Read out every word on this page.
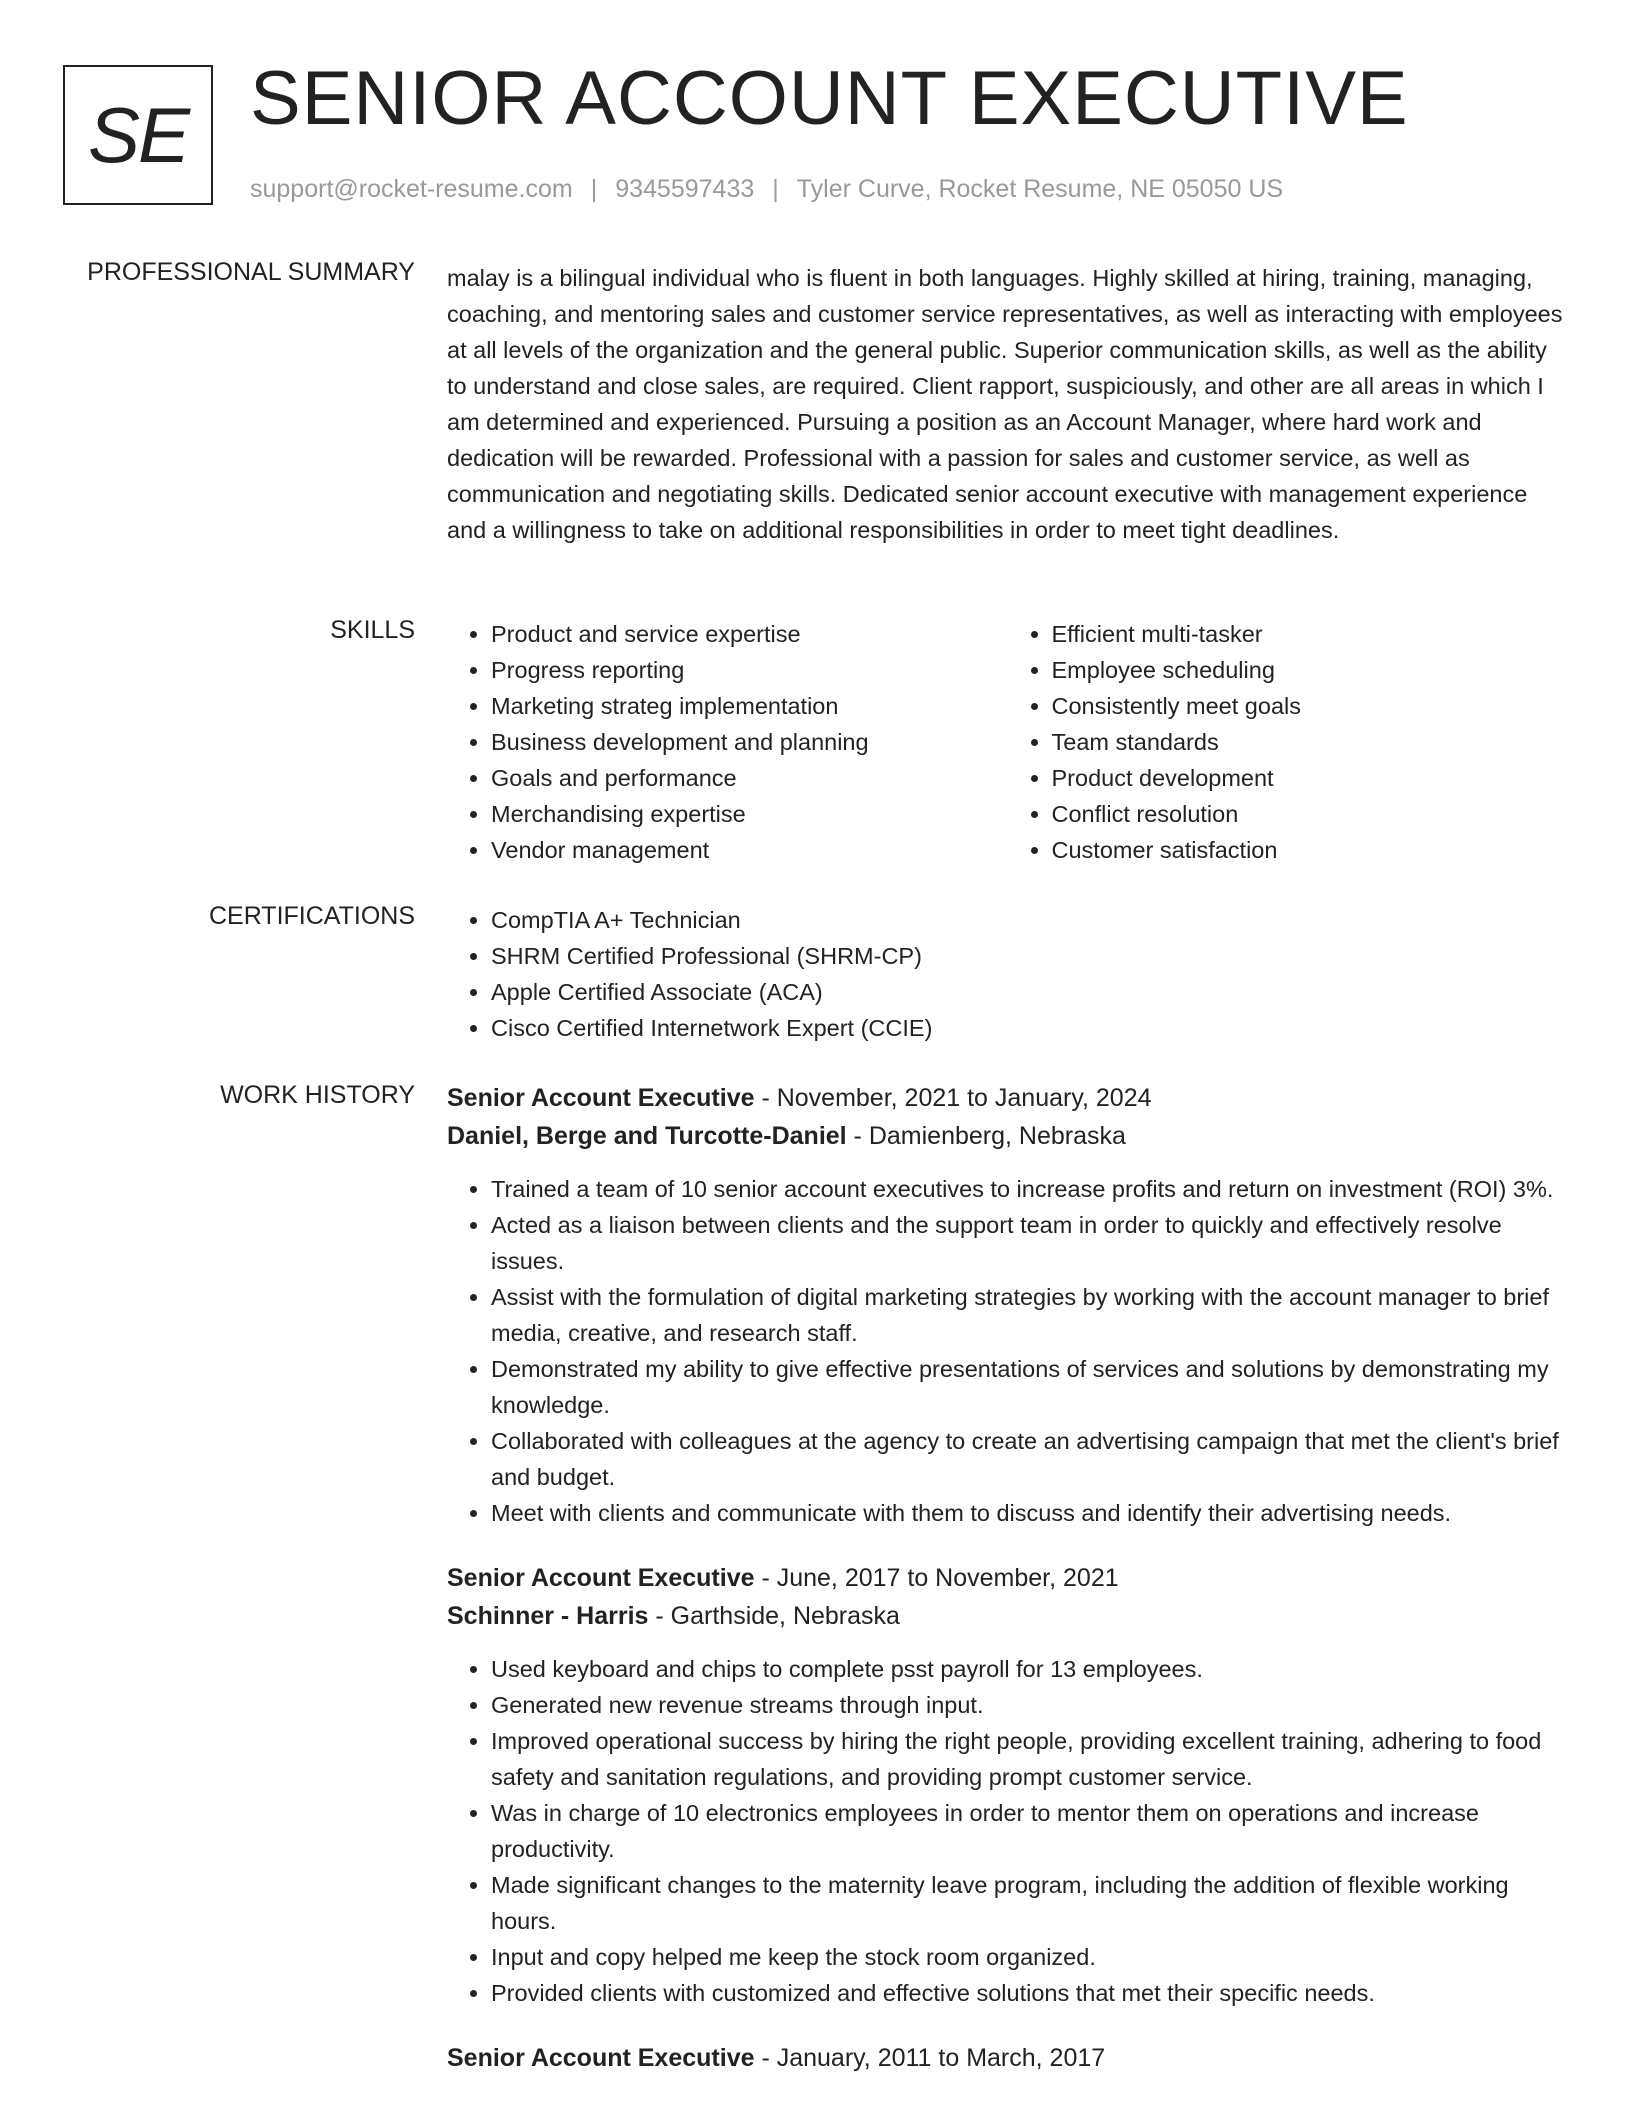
SE SENIOR ACCOUNT EXECUTIVE
support@rocket-resume.com | 9345597433 | Tyler Curve, Rocket Resume, NE 05050 US
PROFESSIONAL SUMMARY malay is a bilingual individual who is fluent in both languages. Highly skilled at hiring, training, managing, coaching, and mentoring sales and customer service representatives, as well as interacting with employees at all levels of the organization and the general public. Superior communication skills, as well as the ability to understand and close sales, are required. Client rapport, suspiciously, and other are all areas in which I am determined and experienced. Pursuing a position as an Account Manager, where hard work and dedication will be rewarded. Professional with a passion for sales and customer service, as well as communication and negotiating skills. Dedicated senior account executive with management experience and a willingness to take on additional responsibilities in order to meet tight deadlines.

SKILLS	• Product and service expertise
• Progress reporting
• Marketing strateg implementation
• Business development and planning
• Goals and performance
• Merchandising expertise
• Vendor management
• Efficient multi-tasker
• Employee scheduling
• Consistently meet goals
• Team standards
• Product development
• Conflict resolution
• Customer satisfaction
CERTIFICATIONS	• CompTIA A+ Technician
• SHRM Certified Professional (SHRM-CP)
• Apple Certified Associate (ACA)
• Cisco Certified Internetwork Expert (CCIE)
WORK HISTORY Senior Account Executive - November, 2021 to January, 2024
Daniel, Berge and Turcotte-Daniel - Damienberg, Nebraska
• Trained a team of 10 senior account executives to increase profits and return on investment (ROI) 3%.
• Acted as a liaison between clients and the support team in order to quickly and effectively resolve issues.
• Assist with the formulation of digital marketing strategies by working with the account manager to brief media, creative, and research staff.
• Demonstrated my ability to give effective presentations of services and solutions by demonstrating my knowledge.
• Collaborated with colleagues at the agency to create an advertising campaign that met the client's brief and budget.
• Meet with clients and communicate with them to discuss and identify their advertising needs.
Senior Account Executive - June, 2017 to November, 2021
Schinner - Harris - Garthside, Nebraska
• Used keyboard and chips to complete psst payroll for 13 employees.
• Generated new revenue streams through input.
• Improved operational success by hiring the right people, providing excellent training, adhering to food safety and sanitation regulations, and providing prompt customer service.
• Was in charge of 10 electronics employees in order to mentor them on operations and increase productivity.
• Made significant changes to the maternity leave program, including the addition of flexible working hours.
• Input and copy helped me keep the stock room organized.
• Provided clients with customized and effective solutions that met their specific needs.
Senior Account Executive - January, 2011 to March, 2017
